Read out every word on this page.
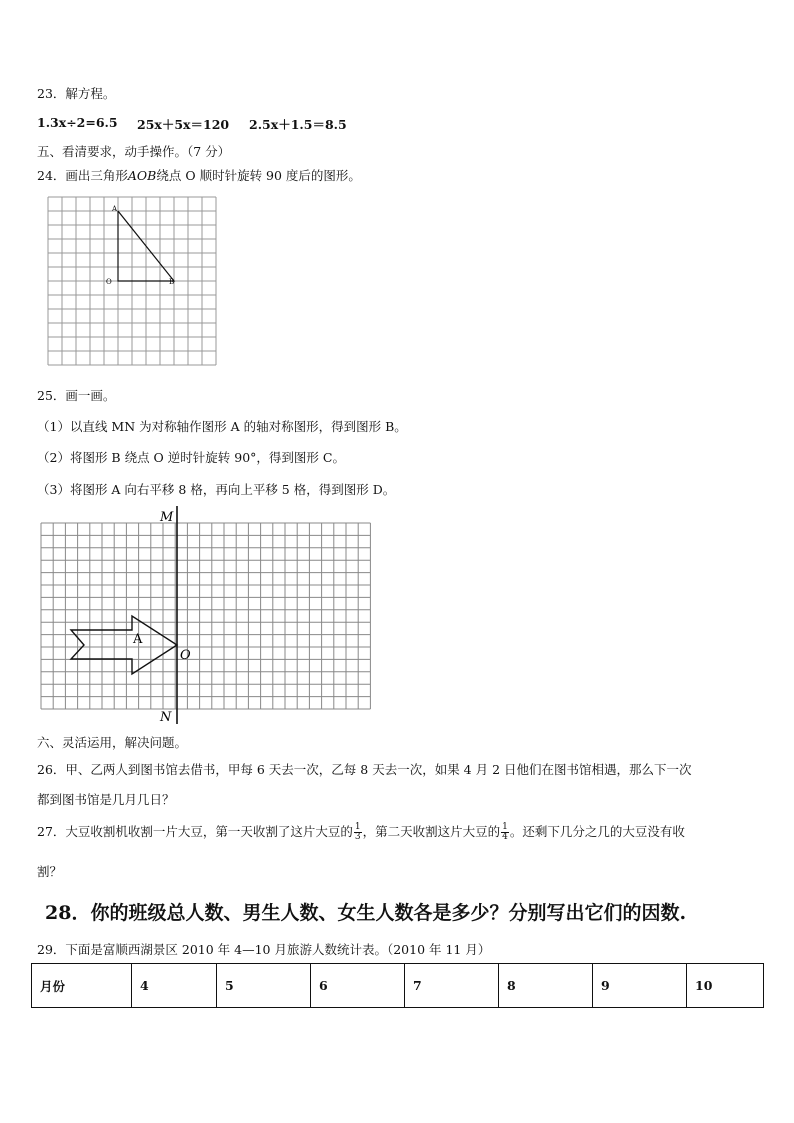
23．解方程。
1.3x÷2=6.5 25x＋5x＝120 2.5x＋1.5＝8.5
五、看清要求，动手操作。（7 分）
24．画出三角形AOB绕点 O 顺时针旋转 90 度后的图形。
A
O	B
25．画一画。
（1）以直线 MN 为对称轴作图形 A 的轴对称图形，得到图形 B。
（2）将图形 B 绕点 O 逆时针旋转 90°，得到图形 C。
（3）将图形 A 向右平移 8 格，再向上平移 5 格，得到图形 D。
A
M
O
N
六、灵活运用，解决问题。
26．甲、乙两人到图书馆去借书，甲每 6 天去一次，乙每 8 天去一次，如果 4 月 2 日他们在图书馆相遇，那么下一次
都到图书馆是几月几日？
27．大豆收割机收割一片大豆，第一天收割了这片大豆的 $\frac{1}{3}$ ，第二天收割这片大豆的 $\frac{1}{4}$ 。还剩下几分之几的大豆没有收
割？
28．你的班级总人数、男生人数、女生人数各是多少？分别写出它们的因数.
29．下面是富顺西湖景区 2010 年 4—10 月旅游人数统计表。（2010 年 11 月）
月份	4	5	6	7	8	9	10
